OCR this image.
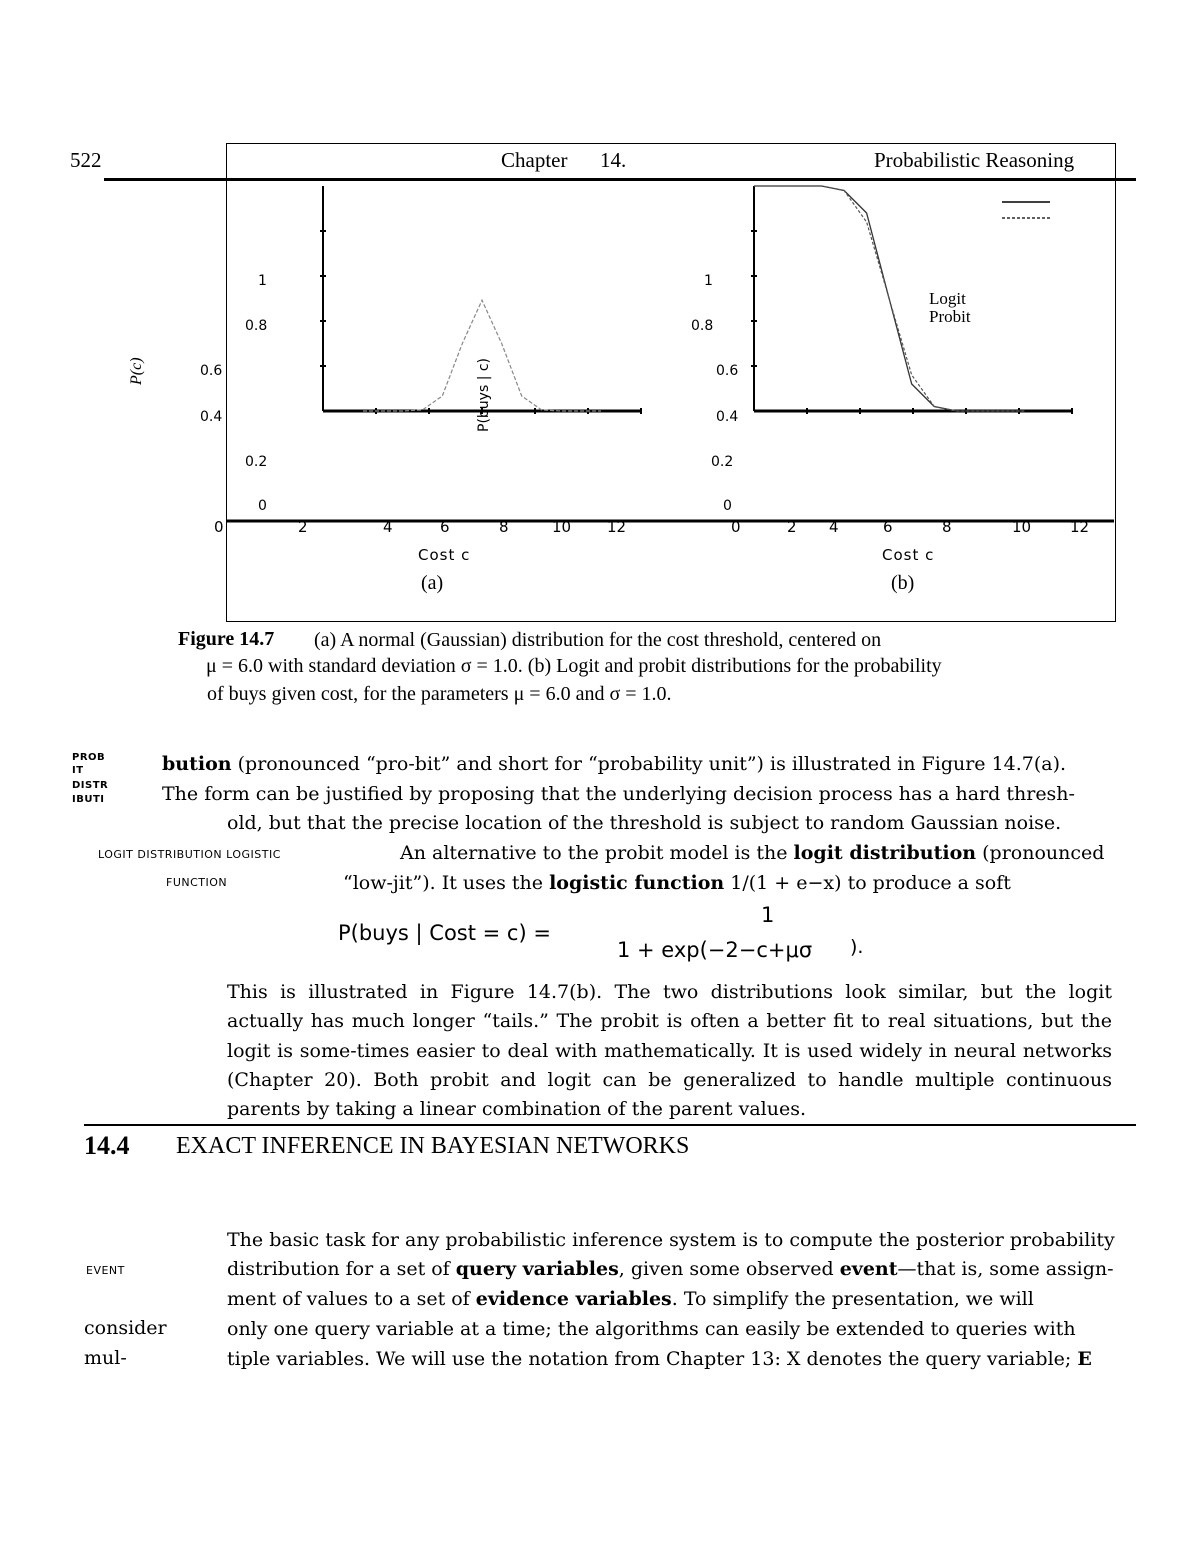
522	Chapter 14.	Probabilistic Reasoning
1
0.8
0.6
0.4
0.2
0
0	2	4	6	8	10 12
Cost c
(a)
P(c)	P(buys | c)
1
0.8
0.6
0.4
0.2
0
0	2 4	6	8	10	12
Cost c
(b)
Logit
Probit
Figure 14.7 (a) A normal (Gaussian) distribution for the cost threshold, centered on
μ = 6.0 with standard deviation σ = 1.0. (b) Logit and probit distributions for the probability
of buys given cost, for the parameters μ = 6.0 and σ = 1.0.
PROB
IT
DISTR
IBUTI
LOGIT DISTRIBUTION LOGISTIC
FUNCTION
EVENT
consider
mul-
bution (pronounced “pro-bit” and short for “probability unit”) is illustrated in Figure 14.7(a).
The form can be justified by proposing that the underlying decision process has a hard thresh-
old, but that the precise location of the threshold is subject to random Gaussian noise.
An alternative to the probit model is the logit distribution (pronounced
“low-jit”). It uses the logistic function 1/(1 + e−x) to produce a soft
P(buys | Cost = c) =
1
1 + exp(−2−c+μσ ).
This is illustrated in Figure 14.7(b). The two distributions look similar, but the logit
actually has much longer “tails.” The probit is often a better fit to real situations, but the
logit is some-times easier to deal with mathematically. It is used widely in neural networks
(Chapter 20). Both probit and logit can be generalized to handle multiple continuous
parents by taking a linear combination of the parent values.
14.4 EXACT INFERENCE IN BAYESIAN NETWORKS
The basic task for any probabilistic inference system is to compute the posterior probability
distribution for a set of query variables, given some observed event—that is, some assign-
ment of values to a set of evidence variables. To simplify the presentation, we will
only one query variable at a time; the algorithms can easily be extended to queries with
tiple variables. We will use the notation from Chapter 13: X denotes the query variable; E
